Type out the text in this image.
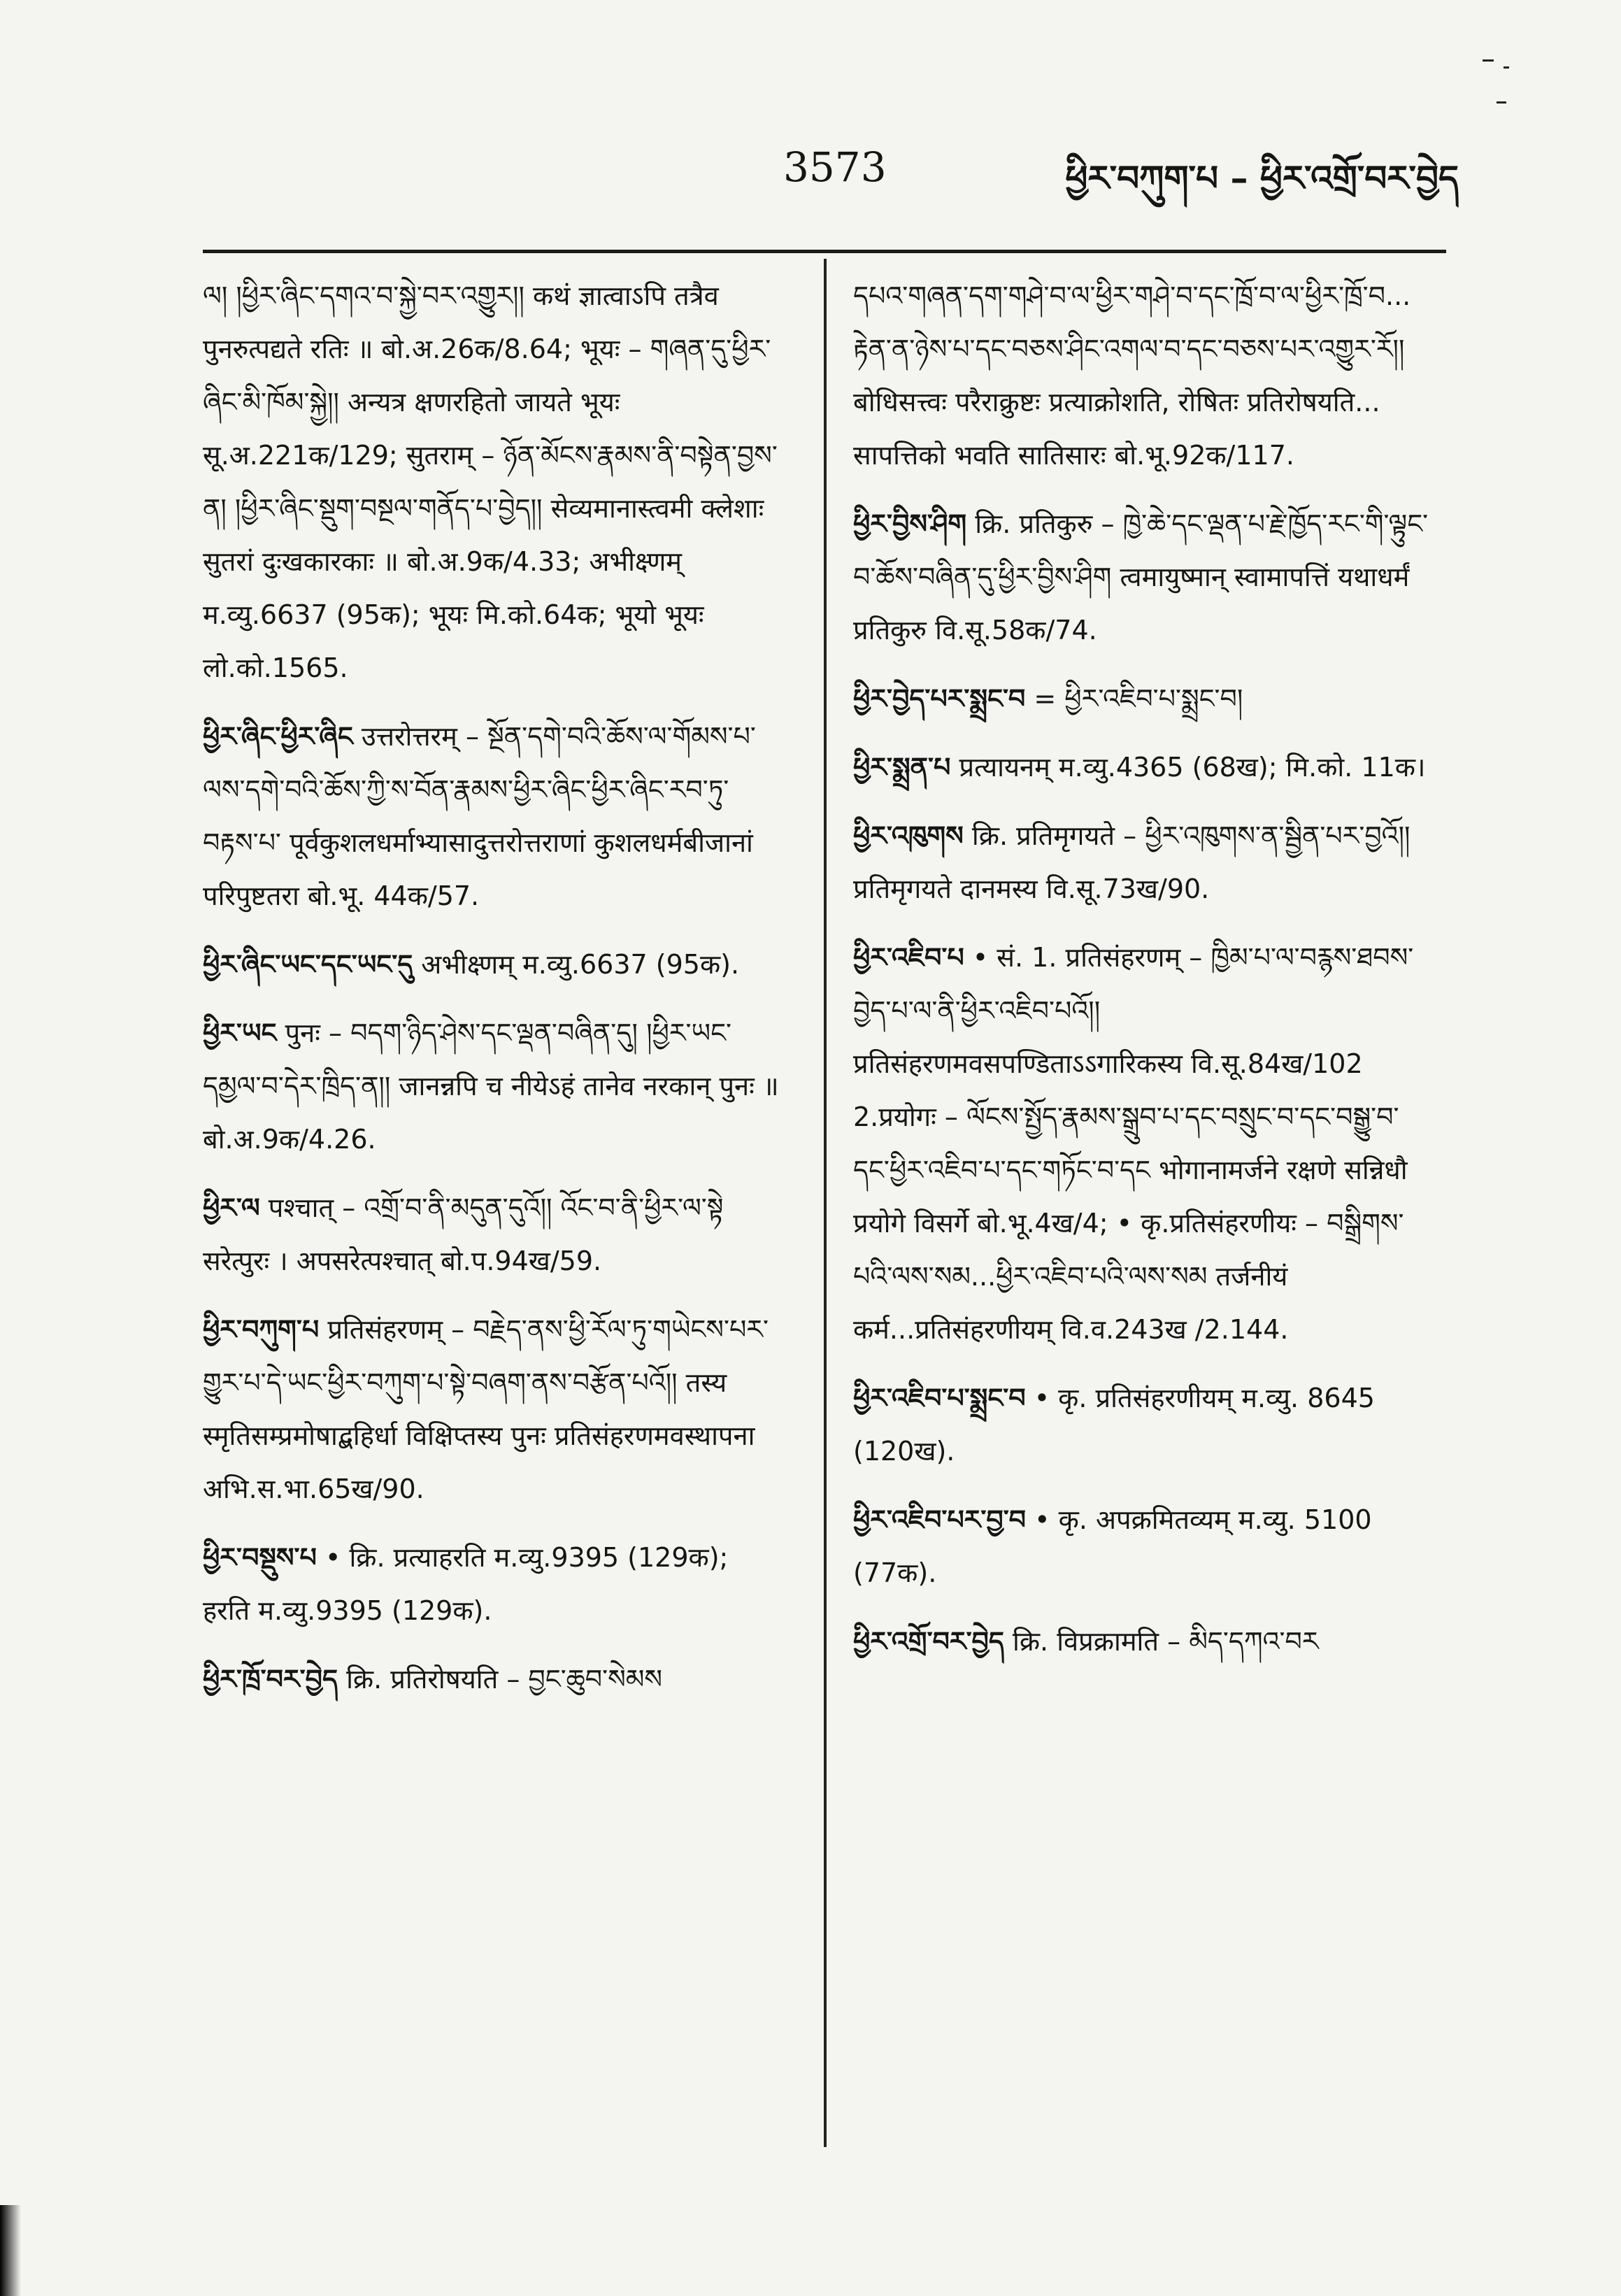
3573	ཕྱིར་བཀུག་པ – ཕྱིར་འགྲོ་བར་བྱེད

ལ། །ཕྱིར་ཞིང་དགའ་བ་སྐྱེ་བར་འགྱུར།། कथं ज्ञात्वाऽपि तत्रैव पुनरुत्पद्यते रतिः ॥ बो.अ.26क/8.64; भूयः – གཞན་དུ་ཕྱིར་ཞིང་མི་ཁོམ་སྐྱེ།། अन्यत्र क्षणरहितो जायते भूयः सू.अ.221क/129; सुतराम् – ཉོན་མོངས་རྣམས་ནི་བསྟེན་བྱས་ན། །ཕྱིར་ཞིང་སྡུག་བསྔལ་གནོད་པ་བྱེད།། सेव्यमानास्त्वमी क्लेशाः सुतरां दुःखकारकाः ॥ बो.अ.9क/4.33; अभीक्ष्णम् म.व्यु.6637 (95क); भूयः मि.को.64क; भूयो भूयः लो.को.1565.

ཕྱིར་ཞིང་ཕྱིར་ཞིང उत्तरोत्तरम् – སྔོན་དགེ་བའི་ཆོས་ལ་གོམས་པ་ལས་དགེ་བའི་ཆོས་ཀྱི་ས་བོན་རྣམས་ཕྱིར་ཞིང་ཕྱིར་ཞིང་རབ་ཏུ་བརྟས་པ་ पूर्वकुशलधर्माभ्यासादुत्तरोत्तराणां कुशलधर्मबीजानां परिपुष्टतरा बो.भू. 44क/57.

ཕྱིར་ཞིང་ཡང་དང་ཡང་དུ अभीक्ष्णम् म.व्यु.6637 (95क).

ཕྱིར་ཡང पुनः – བདག་ཉིད་ཤེས་དང་ལྡན་བཞིན་དུ། །ཕྱིར་ཡང་དམྱལ་བ་དེར་ཁྲིད་ན།། जानन्नपि च नीयेऽहं तानेव नरकान् पुनः ॥ बो.अ.9क/4.26.

ཕྱིར་ལ पश्चात् – འགྲོ་བ་ནི་མདུན་དུའོ།། འོང་བ་ནི་ཕྱིར་ལ་སྟེ सरेत्पुरः । अपसरेत्पश्चात् बो.प.94ख/59.

ཕྱིར་བཀུག་པ प्रतिसंहरणम् – བརྗེད་ནས་ཕྱི་རོལ་ཏུ་གཡེངས་པར་གྱུར་པ་དེ་ཡང་ཕྱིར་བཀུག་པ་སྟེ་བཞག་ནས་བརྩོན་པའོ།། तस्य स्मृतिसम्प्रमोषाद्बहिर्धा विक्षिप्तस्य पुनः प्रतिसंहरणमवस्थापना अभि.स.भा.65ख/90.

ཕྱིར་བསྡུས་པ • क्रि. प्रत्याहरति म.व्यु.9395 (129क); हरति म.व्यु.9395 (129क).

ཕྱིར་ཁྲོ་བར་བྱེད क्रि. प्रतिरोषयति – བྱང་ཆུབ་སེམས

དཔའ་གཞན་དག་གཤེ་བ་ལ་ཕྱིར་གཤེ་བ་དང་ཁྲོ་བ་ལ་ཕྱིར་ཁྲོ་བ... རྟེན་ན་ཉེས་པ་དང་བཅས་ཤིང་འགལ་བ་དང་བཅས་པར་འགྱུར་རོ།། बोधिसत्त्वः परैराक्रुष्टः प्रत्याक्रोशति, रोषितः प्रतिरोषयति... सापत्तिको भवति सातिसारः बो.भू.92क/117.

ཕྱིར་བྱིས་ཤིག क्रि. प्रतिकुरु – ཁྱེ་ཆེ་དང་ལྡན་པ་རྗེ་ཁྱོད་རང་གི་ལྟུང་བ་ཆོས་བཞིན་དུ་ཕྱིར་བྱིས་ཤིག त्वमायुष्मान् स्वामापत्तिं यथाधर्मं प्रतिकुरु वि.सू.58क/74.

ཕྱིར་བྱེད་པར་སྨྲང་བ = ཕྱིར་འཇིབ་པ་སྨྲང་བ།

ཕྱིར་སྨྲན་པ प्रत्यायनम् म.व्यु.4365 (68ख); मि.को. 11क।

ཕྱིར་འཁུགས क्रि. प्रतिमृगयते – ཕྱིར་འཁུགས་ན་སྦྱིན་པར་བྱའོ།། प्रतिमृगयते दानमस्य वि.सू.73ख/90.

ཕྱིར་འཇིབ་པ • सं. 1. प्रतिसंहरणम् – ཁྱིམ་པ་ལ་བརྙས་ཐབས་བྱེད་པ་ལ་ནི་ཕྱིར་འཇིབ་པའོ།། प्रतिसंहरणमवसपण्डिताऽऽगारिकस्य वि.सू.84ख/102 2.प्रयोगः – ལོངས་སྤྱོད་རྣམས་སྒྲུབ་པ་དང་བསྲུང་བ་དང་བསྒྱུ་བ་དང་ཕྱིར་འཇིབ་པ་དང་གཏོང་བ་དང भोगानामर्जने रक्षणे सन्निधौ प्रयोगे विसर्गे बो.भू.4ख/4; • कृ.प्रतिसंहरणीयः – བསྒྲིགས་པའི་ལས་སམ...ཕྱིར་འཇིབ་པའི་ལས་སམ तर्जनीयं कर्म...प्रतिसंहरणीयम् वि.व.243ख /2.144.

ཕྱིར་འཇིབ་པ་སྨྲང་བ • कृ. प्रतिसंहरणीयम् म.व्यु. 8645 (120ख).

ཕྱིར་འཇིབ་པར་བྱ་བ • कृ. अपक्रमितव्यम् म.व्यु. 5100 (77क).

ཕྱིར་འགྲོ་བར་བྱེད क्रि. विप्रक्रामति – མིད་དཀའ་བར
